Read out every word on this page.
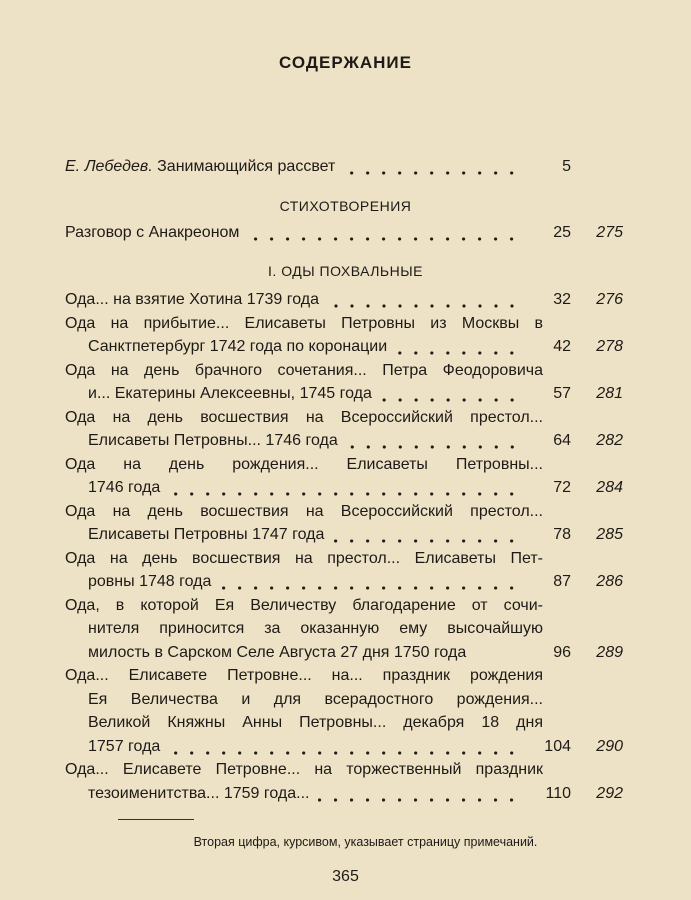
СОДЕРЖАНИЕ
Е. Лебедев. Занимающийся рассвет	5
СТИХОТВОРЕНИЯ
Разговор с Анакреоном	25	275
I. ОДЫ ПОХВАЛЬНЫЕ
Ода... на взятие Хотина 1739 года	32	276
Ода на прибытие... Елисаветы Петровны из Москвы в
Санктпетербург 1742 года по коронации	42	278
Ода на день брачного сочетания... Петра Феодоровича
и... Екатерины Алексеевны, 1745 года	57	281
Ода на день восшествия на Всероссийский престол...
Елисаветы Петровны... 1746 года	64	282
Ода на день рождения... Елисаветы Петровны...
1746 года	72	284
Ода на день восшествия на Всероссийский престол...
Елисаветы Петровны 1747 года	78	285
Ода на день восшествия на престол... Елисаветы Пет-
ровны 1748 года	87	286
Ода, в которой Ея Величеству благодарение от сочи-
нителя приносится за оказанную ему высочайшую
милость в Сарском Селе Августа 27 дня 1750 года	96	289
Ода... Елисавете Петровне... на... праздник рождения
Ея Величества и для всерадостного рождения...
Великой Княжны Анны Петровны... декабря 18 дня
1757 года	104	290
Ода... Елисавете Петровне... на торжественный праздник
тезоименитства... 1759 года...	110	292
Вторая цифра, курсивом, указывает страницу примечаний.
365
